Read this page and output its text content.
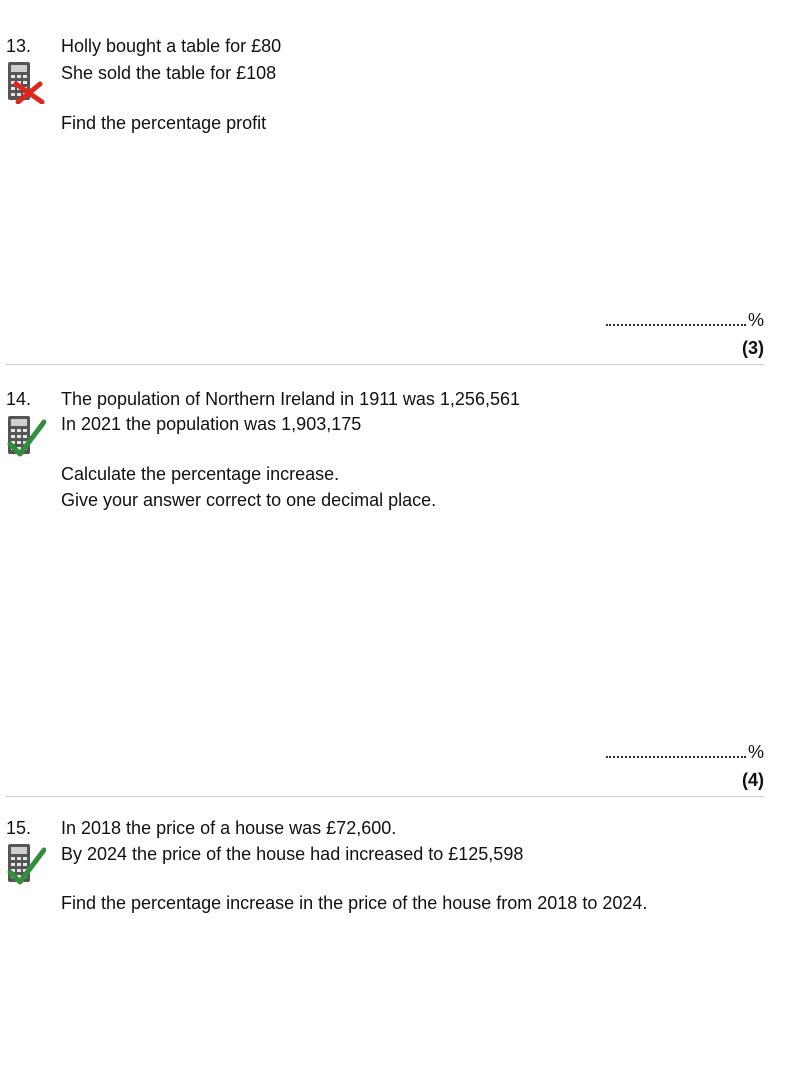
13. Holly bought a table for £80
She sold the table for £108
Find the percentage profit
%
(3)
14. The population of Northern Ireland in 1911 was 1,256,561
In 2021 the population was 1,903,175
Calculate the percentage increase.
Give your answer correct to one decimal place.
%
(4)
15. In 2018 the price of a house was £72,600.
By 2024 the price of the house had increased to £125,598
Find the percentage increase in the price of the house from 2018 to 2024.
